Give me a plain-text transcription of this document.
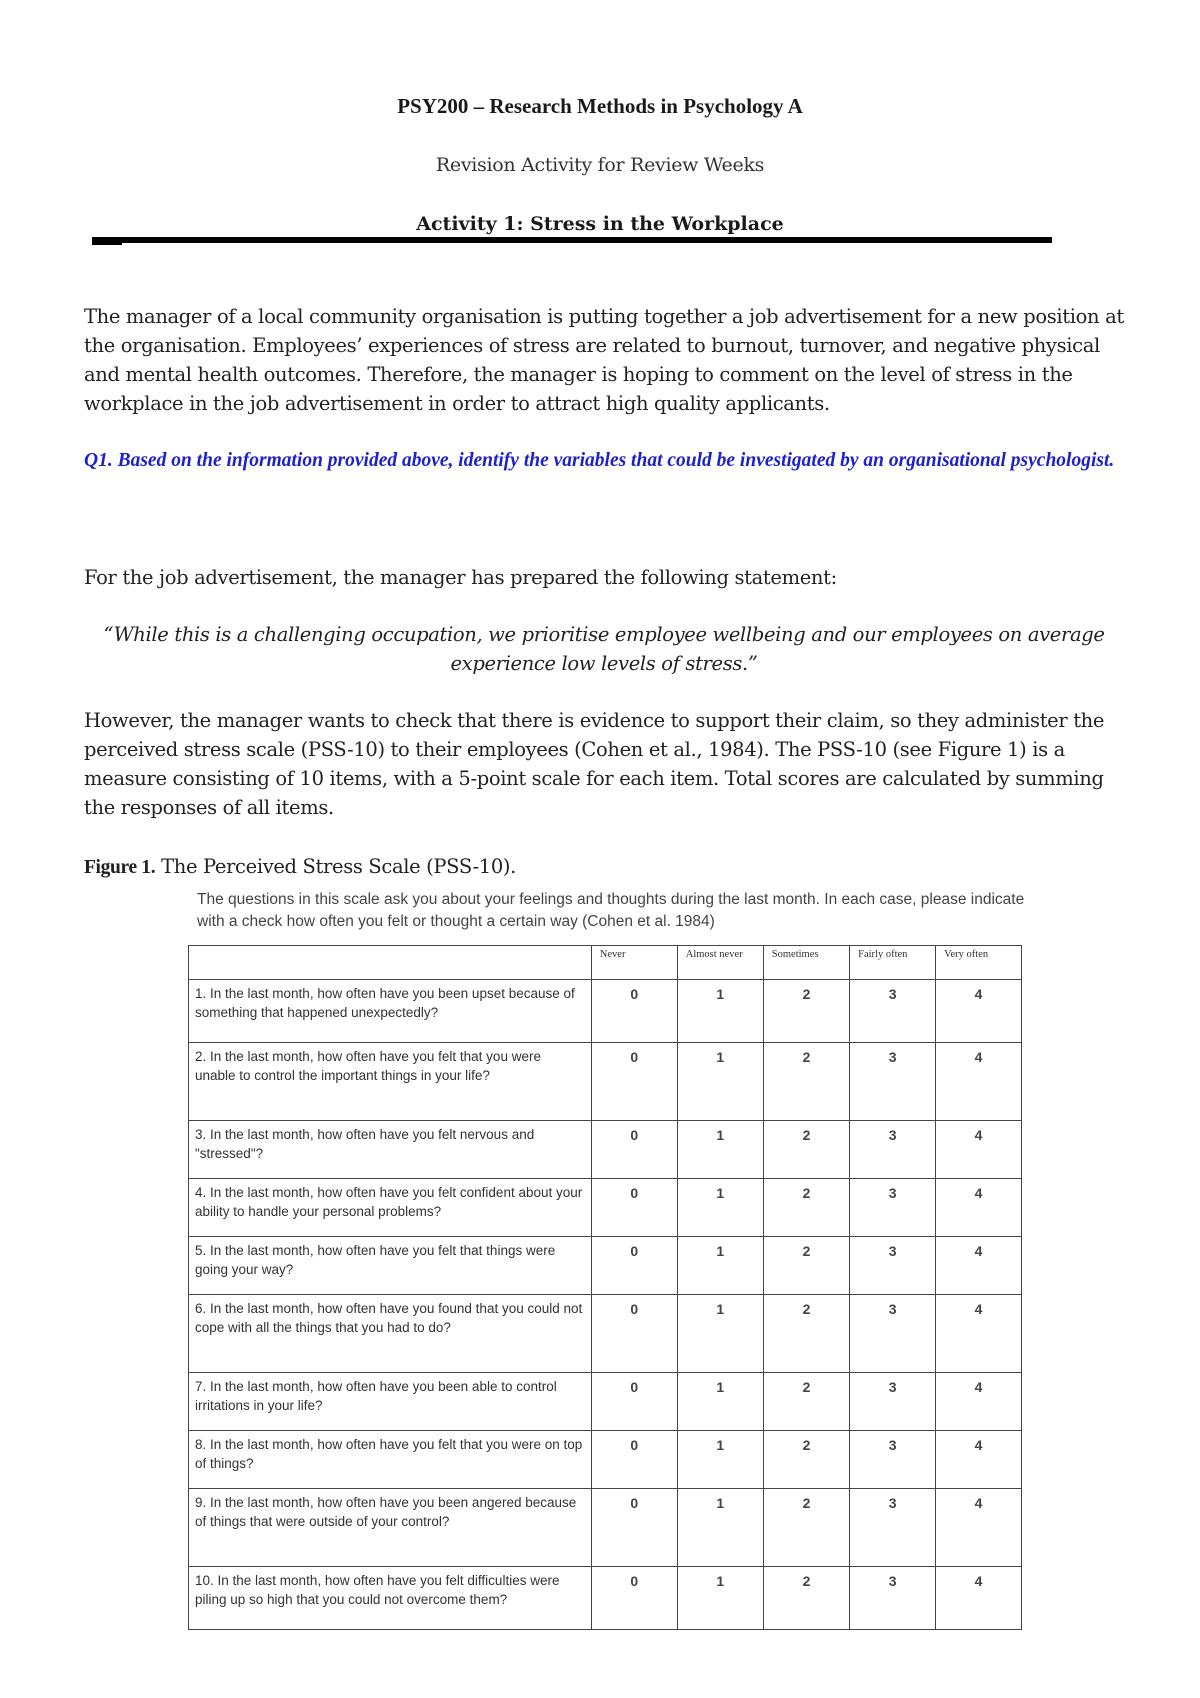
PSY200 – Research Methods in Psychology A
Revision Activity for Review Weeks
Activity 1: Stress in the Workplace
The manager of a local community organisation is putting together a job advertisement for a new position at the organisation. Employees’ experiences of stress are related to burnout, turnover, and negative physical and mental health outcomes. Therefore, the manager is hoping to comment on the level of stress in the workplace in the job advertisement in order to attract high quality applicants.
Q1. Based on the information provided above, identify the variables that could be investigated by an organisational psychologist.
For the job advertisement, the manager has prepared the following statement:
“While this is a challenging occupation, we prioritise employee wellbeing and our employees on average experience low levels of stress.”
However, the manager wants to check that there is evidence to support their claim, so they administer the perceived stress scale (PSS-10) to their employees (Cohen et al., 1984). The PSS-10 (see Figure 1) is a measure consisting of 10 items, with a 5-point scale for each item. Total scores are calculated by summing the responses of all items.
Figure 1. The Perceived Stress Scale (PSS-10).
The questions in this scale ask you about your feelings and thoughts during the last month. In each case, please indicate with a check how often you felt or thought a certain way (Cohen et al. 1984)
	Never	Almost never	Sometimes	Fairly often	Very often
1. In the last month, how often have you been upset because of something that happened unexpectedly?	0	1	2	3	4
2. In the last month, how often have you felt that you were unable to control the important things in your life?	0	1	2	3	4
3. In the last month, how often have you felt nervous and "stressed"?	0	1	2	3	4
4. In the last month, how often have you felt confident about your ability to handle your personal problems?	0	1	2	3	4
5. In the last month, how often have you felt that things were going your way?	0	1	2	3	4
6. In the last month, how often have you found that you could not cope with all the things that you had to do?	0	1	2	3	4
7. In the last month, how often have you been able to control irritations in your life?	0	1	2	3	4
8. In the last month, how often have you felt that you were on top of things?	0	1	2	3	4
9. In the last month, how often have you been angered because of things that were outside of your control?	0	1	2	3	4
10. In the last month, how often have you felt difficulties were piling up so high that you could not overcome them?	0	1	2	3	4
